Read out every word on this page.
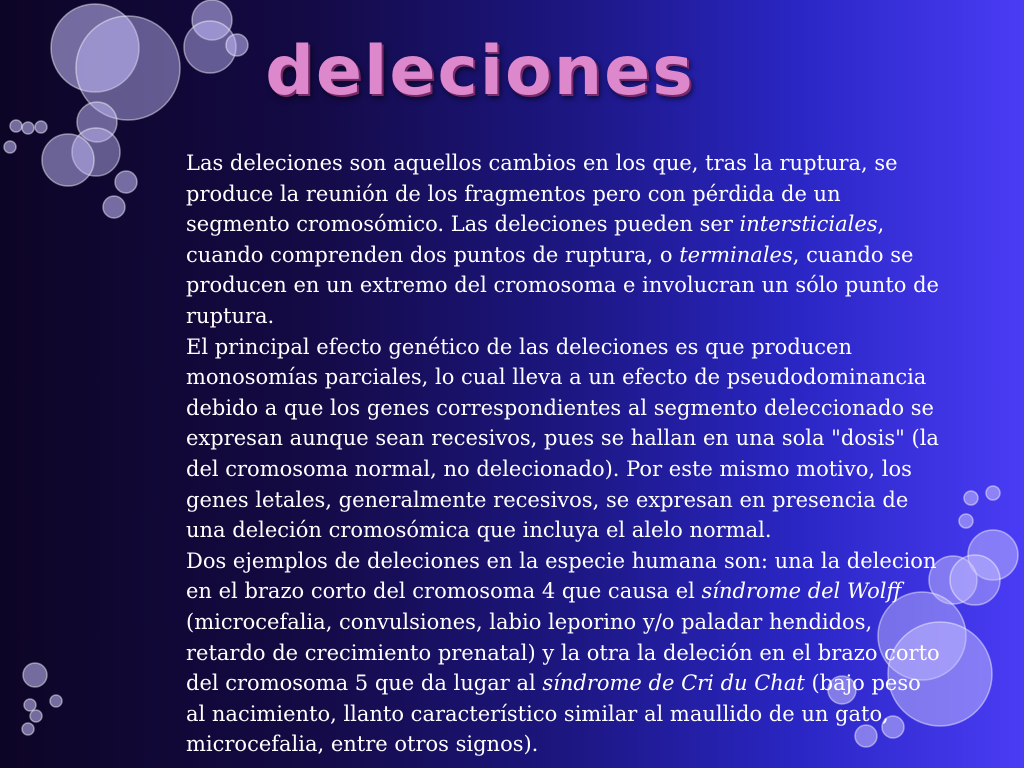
deleciones

Las deleciones son aquellos cambios en los que, tras la ruptura, se produce la reunión de los fragmentos pero con pérdida de un segmento cromosómico. Las deleciones pueden ser intersticiales, cuando comprenden dos puntos de ruptura, o terminales, cuando se producen en un extremo del cromosoma e involucran un sólo punto de ruptura.

El principal efecto genético de las deleciones es que producen monosomías parciales, lo cual lleva a un efecto de pseudodominancia debido a que los genes correspondientes al segmento deleccionado se expresan aunque sean recesivos, pues se hallan en una sola "dosis" (la del cromosoma normal, no delecionado). Por este mismo motivo, los genes letales, generalmente recesivos, se expresan en presencia de una deleción cromosómica que incluya el alelo normal.

Dos ejemplos de deleciones en la especie humana son: una la delecion en el brazo corto del cromosoma 4 que causa el síndrome del Wolff (microcefalia, convulsiones, labio leporino y/o paladar hendidos, retardo de crecimiento prenatal) y la otra la deleción en el brazo corto del cromosoma 5 que da lugar al síndrome de Cri du Chat (bajo peso al nacimiento, llanto característico similar al maullido de un gato, microcefalia, entre otros signos).
